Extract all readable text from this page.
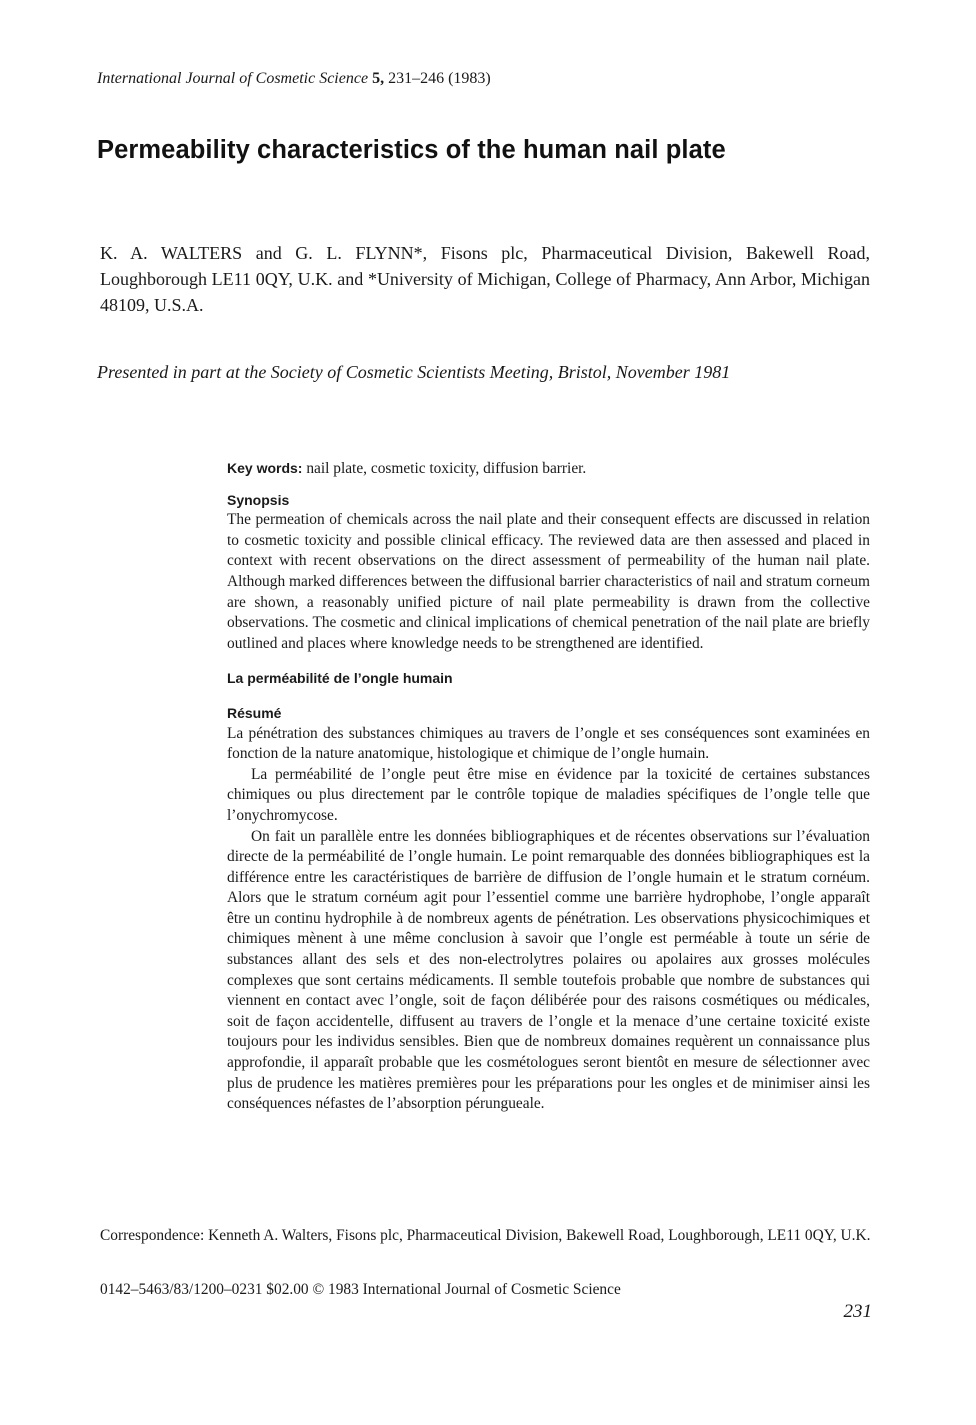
International Journal of Cosmetic Science 5, 231–246 (1983)
Permeability characteristics of the human nail plate

K. A. WALTERS and G. L. FLYNN*, Fisons plc, Pharmaceutical Division, Bakewell Road, Loughborough LE11 0QY, U.K. and *University of Michigan, College of Pharmacy, Ann Arbor, Michigan 48109, U.S.A.

Presented in part at the Society of Cosmetic Scientists Meeting, Bristol, November 1981

Key words: nail plate, cosmetic toxicity, diffusion barrier.

Synopsis

The permeation of chemicals across the nail plate and their consequent effects are discussed in relation to cosmetic toxicity and possible clinical efficacy. The reviewed data are then assessed and placed in context with recent observations on the direct assessment of permeability of the human nail plate. Although marked differences between the diffusional barrier characteristics of nail and stratum corneum are shown, a reasonably unified picture of nail plate permeability is drawn from the collective observations. The cosmetic and clinical implications of chemical penetration of the nail plate are briefly outlined and places where knowledge needs to be strengthened are identified.

La perméabilité de l’ongle humain
Résumé

La pénétration des substances chimiques au travers de l’ongle et ses conséquences sont examinées en fonction de la nature anatomique, histologique et chimique de l’ongle humain.

La perméabilité de l’ongle peut être mise en évidence par la toxicité de certaines substances chimiques ou plus directement par le contrôle topique de maladies spécifiques de l’ongle telle que l’onychromycose.

On fait un parallèle entre les données bibliographiques et de récentes observations sur l’évaluation directe de la perméabilité de l’ongle humain. Le point remarquable des données bibliographiques est la différence entre les caractéristiques de barrière de diffusion de l’ongle humain et le stratum cornéum. Alors que le stratum cornéum agit pour l’essentiel comme une barrière hydrophobe, l’ongle apparaît être un continu hydrophile à de nombreux agents de pénétration. Les observations physicochimiques et chimiques mènent à une même conclusion à savoir que l’ongle est perméable à toute un série de substances allant des sels et des non-electrolytres polaires ou apolaires aux grosses molécules complexes que sont certains médicaments. Il semble toutefois probable que nombre de substances qui viennent en contact avec l’ongle, soit de façon délibérée pour des raisons cosmétiques ou médicales, soit de façon accidentelle, diffusent au travers de l’ongle et la menace d’une certaine toxicité existe toujours pour les individus sensibles. Bien que de nombreux domaines requèrent un connaissance plus approfondie, il apparaît probable que les cosmétologues seront bientôt en mesure de sélectionner avec plus de prudence les matières premières pour les préparations pour les ongles et de minimiser ainsi les conséquences néfastes de l’absorption pérungueale.

Correspondence: Kenneth A. Walters, Fisons plc, Pharmaceutical Division, Bakewell Road, Loughborough, LE11 0QY, U.K.

0142–5463/83/1200–0231 $02.00 © 1983 International Journal of Cosmetic Science

231
